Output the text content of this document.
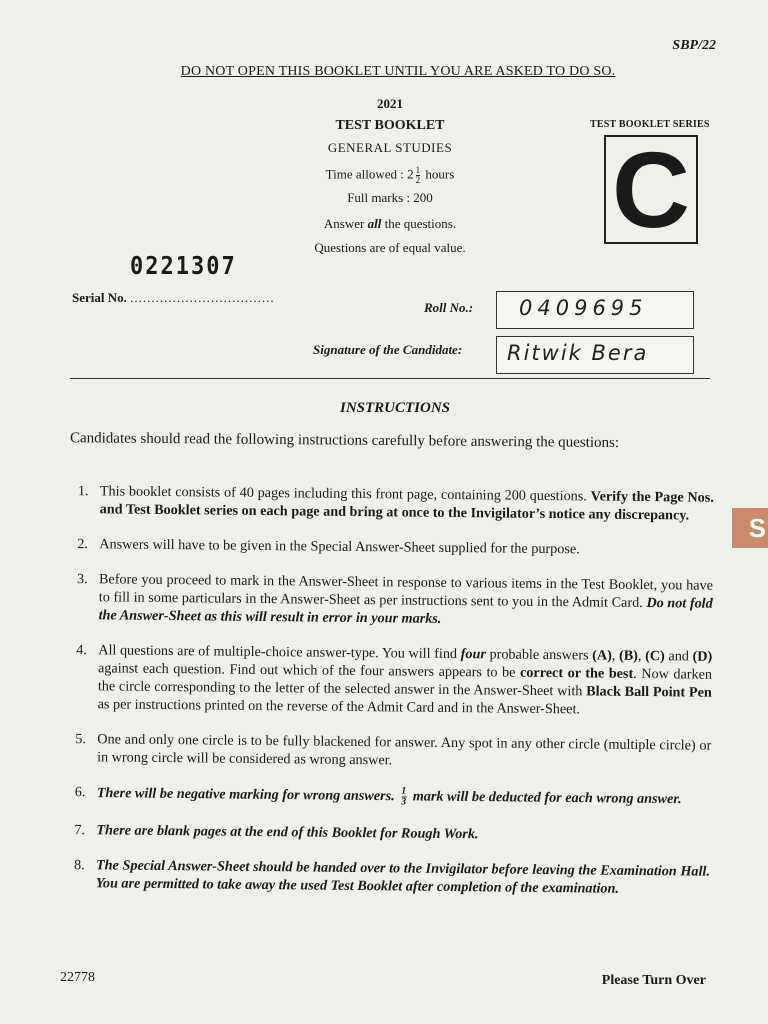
SBP/22
DO NOT OPEN THIS BOOKLET UNTIL YOU ARE ASKED TO DO SO.
2021
TEST BOOKLET
GENERAL STUDIES
Time allowed : $2 \frac{1}{2}$ hours
Full marks : 200
Answer all the questions.
Questions are of equal value.
TEST BOOKLET SERIES
C
0221307
Serial No. ..................................
Roll No.: 0409695
Signature of the Candidate: Ritwik Bera
INSTRUCTIONS
Candidates should read the following instructions carefully before answering the questions:
1. This booklet consists of 40 pages including this front page, containing 200 questions. Verify the Page Nos. and Test Booklet series on each page and bring at once to the Invigilator’s notice any discrepancy.
2. Answers will have to be given in the Special Answer-Sheet supplied for the purpose.
3. Before you proceed to mark in the Answer-Sheet in response to various items in the Test Booklet, you have to fill in some particulars in the Answer-Sheet as per instructions sent to you in the Admit Card. Do not fold the Answer-Sheet as this will result in error in your marks.
4. All questions are of multiple-choice answer-type. You will find four probable answers (A), (B), (C) and (D) against each question. Find out which of the four answers appears to be correct or the best. Now darken the circle corresponding to the letter of the selected answer in the Answer-Sheet with Black Ball Point Pen as per instructions printed on the reverse of the Admit Card and in the Answer-Sheet.
5. One and only one circle is to be fully blackened for answer. Any spot in any other circle (multiple circle) or in wrong circle will be considered as wrong answer.
6. There will be negative marking for wrong answers. $\frac{1}{3}$ mark will be deducted for each wrong answer.
7. There are blank pages at the end of this Booklet for Rough Work.
8. The Special Answer-Sheet should be handed over to the Invigilator before leaving the Examination Hall. You are permitted to take away the used Test Booklet after completion of the examination.
22778	Please Turn Over
S
